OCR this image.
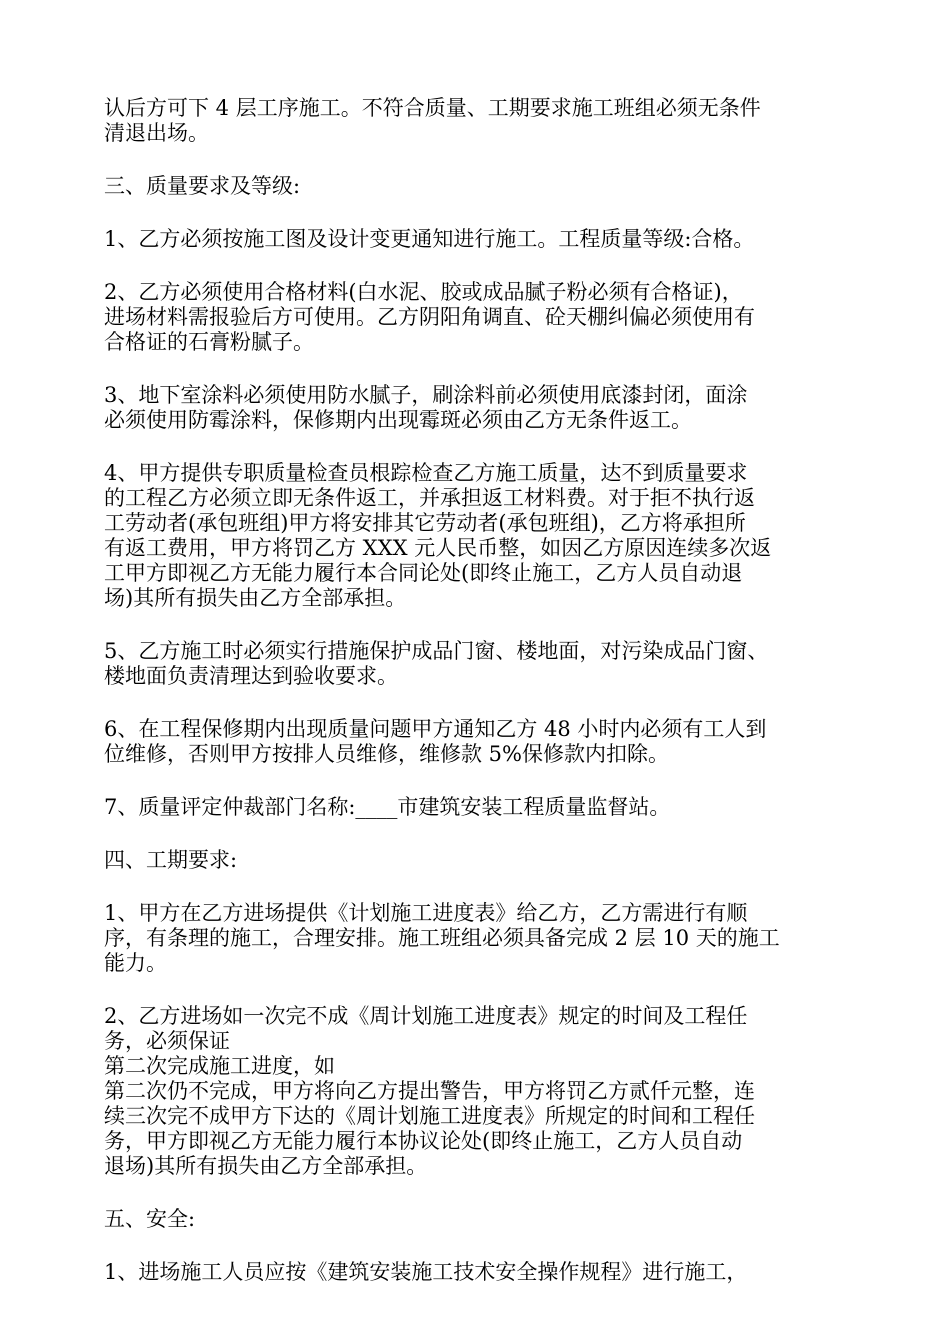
认后方可下 4 层工序施工。不符合质量、工期要求施工班组必须无条件
清退出场。
三、质量要求及等级:
1、乙方必须按施工图及设计变更通知进行施工。工程质量等级:合格。
2、乙方必须使用合格材料(白水泥、胶或成品腻子粉必须有合格证)，
进场材料需报验后方可使用。乙方阴阳角调直、砼天棚纠偏必须使用有
合格证的石膏粉腻子。
3、地下室涂料必须使用防水腻子，刷涂料前必须使用底漆封闭，面涂
必须使用防霉涂料，保修期内出现霉斑必须由乙方无条件返工。
4、甲方提供专职质量检查员根踪检查乙方施工质量，达不到质量要求
的工程乙方必须立即无条件返工，并承担返工材料费。对于拒不执行返
工劳动者(承包班组)甲方将安排其它劳动者(承包班组)，乙方将承担所
有返工费用，甲方将罚乙方 XXX 元人民币整，如因乙方原因连续多次返
工甲方即视乙方无能力履行本合同论处(即终止施工，乙方人员自动退
场)其所有损失由乙方全部承担。
5、乙方施工时必须实行措施保护成品门窗、楼地面，对污染成品门窗、
楼地面负责清理达到验收要求。
6、在工程保修期内出现质量问题甲方通知乙方 48 小时内必须有工人到
位维修，否则甲方按排人员维修，维修款 5%保修款内扣除。
7、质量评定仲裁部门名称:____市建筑安装工程质量监督站。
四、工期要求:
1、甲方在乙方进场提供《计划施工进度表》给乙方，乙方需进行有顺
序，有条理的施工，合理安排。施工班组必须具备完成 2 层 10 天的施工
能力。
2、乙方进场如一次完不成《周计划施工进度表》规定的时间及工程任
务，必须保证
第二次完成施工进度，如
第二次仍不完成，甲方将向乙方提出警告，甲方将罚乙方贰仟元整，连
续三次完不成甲方下达的《周计划施工进度表》所规定的时间和工程任
务，甲方即视乙方无能力履行本协议论处(即终止施工，乙方人员自动
退场)其所有损失由乙方全部承担。
五、安全:
1、进场施工人员应按《建筑安装施工技术安全操作规程》进行施工，
